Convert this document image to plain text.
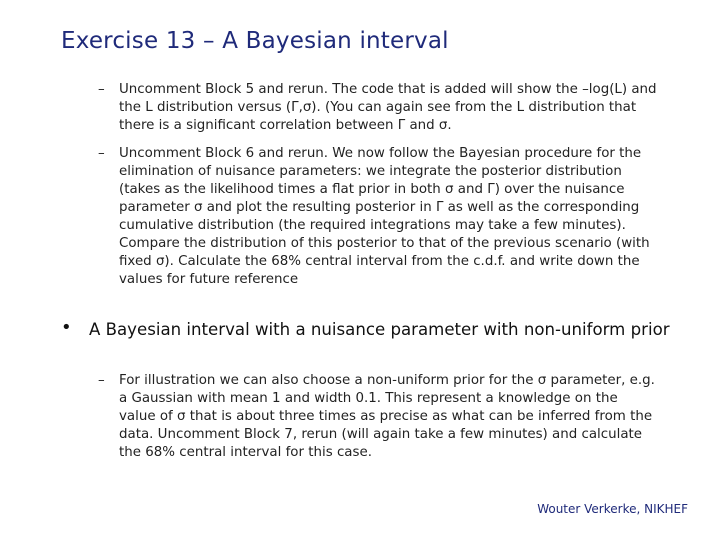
Exercise 13 – A Bayesian interval
– Uncomment Block 5 and rerun. The code that is added will show the –log(L) and the L distribution versus (Γ,σ). (You can again see from the L distribution that there is a significant correlation between Γ and σ.
– Uncomment Block 6 and rerun. We now follow the Bayesian procedure for the elimination of nuisance parameters: we integrate the posterior distribution (takes as the likelihood times a flat prior in both σ and Γ) over the nuisance parameter σ and plot the resulting posterior in Γ as well as the corresponding cumulative distribution (the required integrations may take a few minutes). Compare the distribution of this posterior to that of the previous scenario (with fixed σ). Calculate the 68% central interval from the c.d.f. and write down the values for future reference
• A Bayesian interval with a nuisance parameter with non-uniform prior
– For illustration we can also choose a non-uniform prior for the σ parameter, e.g. a Gaussian with mean 1 and width 0.1. This represent a knowledge on the value of σ that is about three times as precise as what can be inferred from the data. Uncomment Block 7, rerun (will again take a few minutes) and calculate the 68% central interval for this case.
Wouter Verkerke, NIKHEF
